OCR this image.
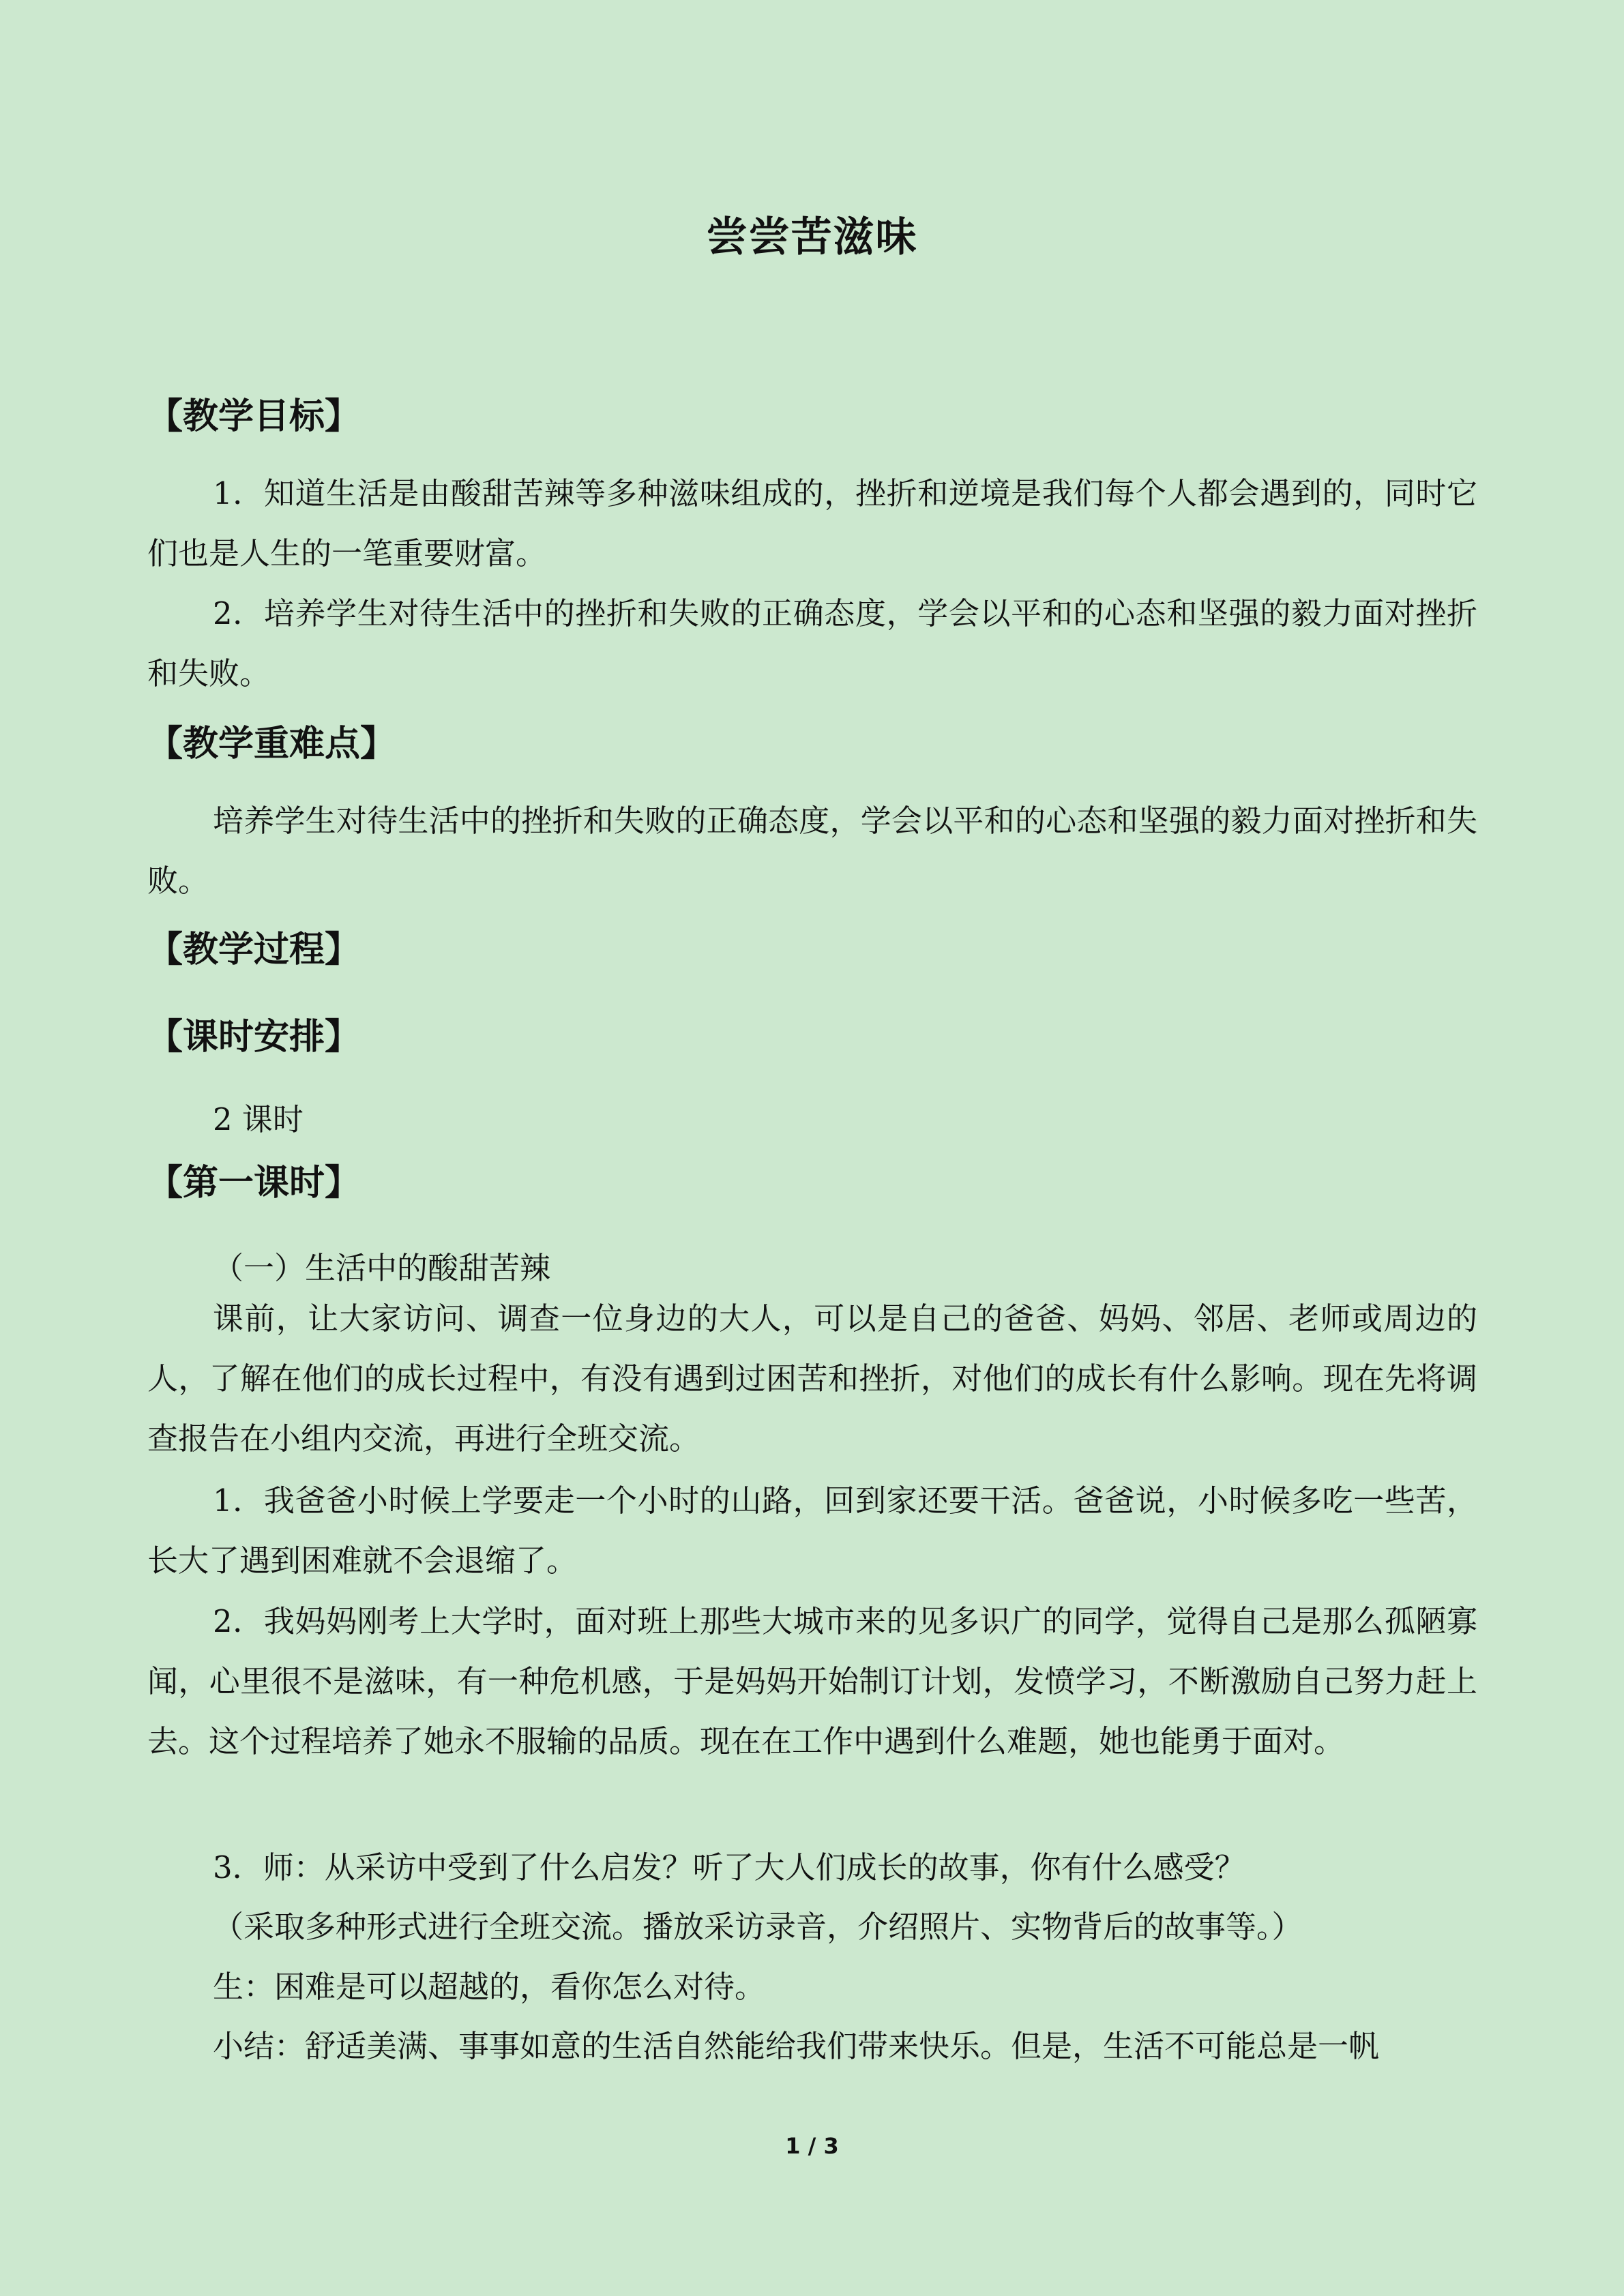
尝尝苦滋味
【教学目标】
1．知道生活是由酸甜苦辣等多种滋味组成的，挫折和逆境是我们每个人都会遇到的，同时它们也是人生的一笔重要财富。
2．培养学生对待生活中的挫折和失败的正确态度，学会以平和的心态和坚强的毅力面对挫折和失败。
【教学重难点】
培养学生对待生活中的挫折和失败的正确态度，学会以平和的心态和坚强的毅力面对挫折和失败。
【教学过程】
【课时安排】
2 课时
【第一课时】
（一）生活中的酸甜苦辣
课前，让大家访问、调查一位身边的大人，可以是自己的爸爸、妈妈、邻居、老师或周边的人，了解在他们的成长过程中，有没有遇到过困苦和挫折，对他们的成长有什么影响。现在先将调查报告在小组内交流，再进行全班交流。
1．我爸爸小时候上学要走一个小时的山路，回到家还要干活。爸爸说，小时候多吃一些苦，长大了遇到困难就不会退缩了。
2．我妈妈刚考上大学时，面对班上那些大城市来的见多识广的同学，觉得自己是那么孤陋寡闻，心里很不是滋味，有一种危机感，于是妈妈开始制订计划，发愤学习，不断激励自己努力赶上去。这个过程培养了她永不服输的品质。现在在工作中遇到什么难题，她也能勇于面对。
3．师：从采访中受到了什么启发？听了大人们成长的故事，你有什么感受？
（采取多种形式进行全班交流。播放采访录音，介绍照片、实物背后的故事等。）
生：困难是可以超越的，看你怎么对待。
小结：舒适美满、事事如意的生活自然能给我们带来快乐。但是，生活不可能总是一帆
1 / 3
